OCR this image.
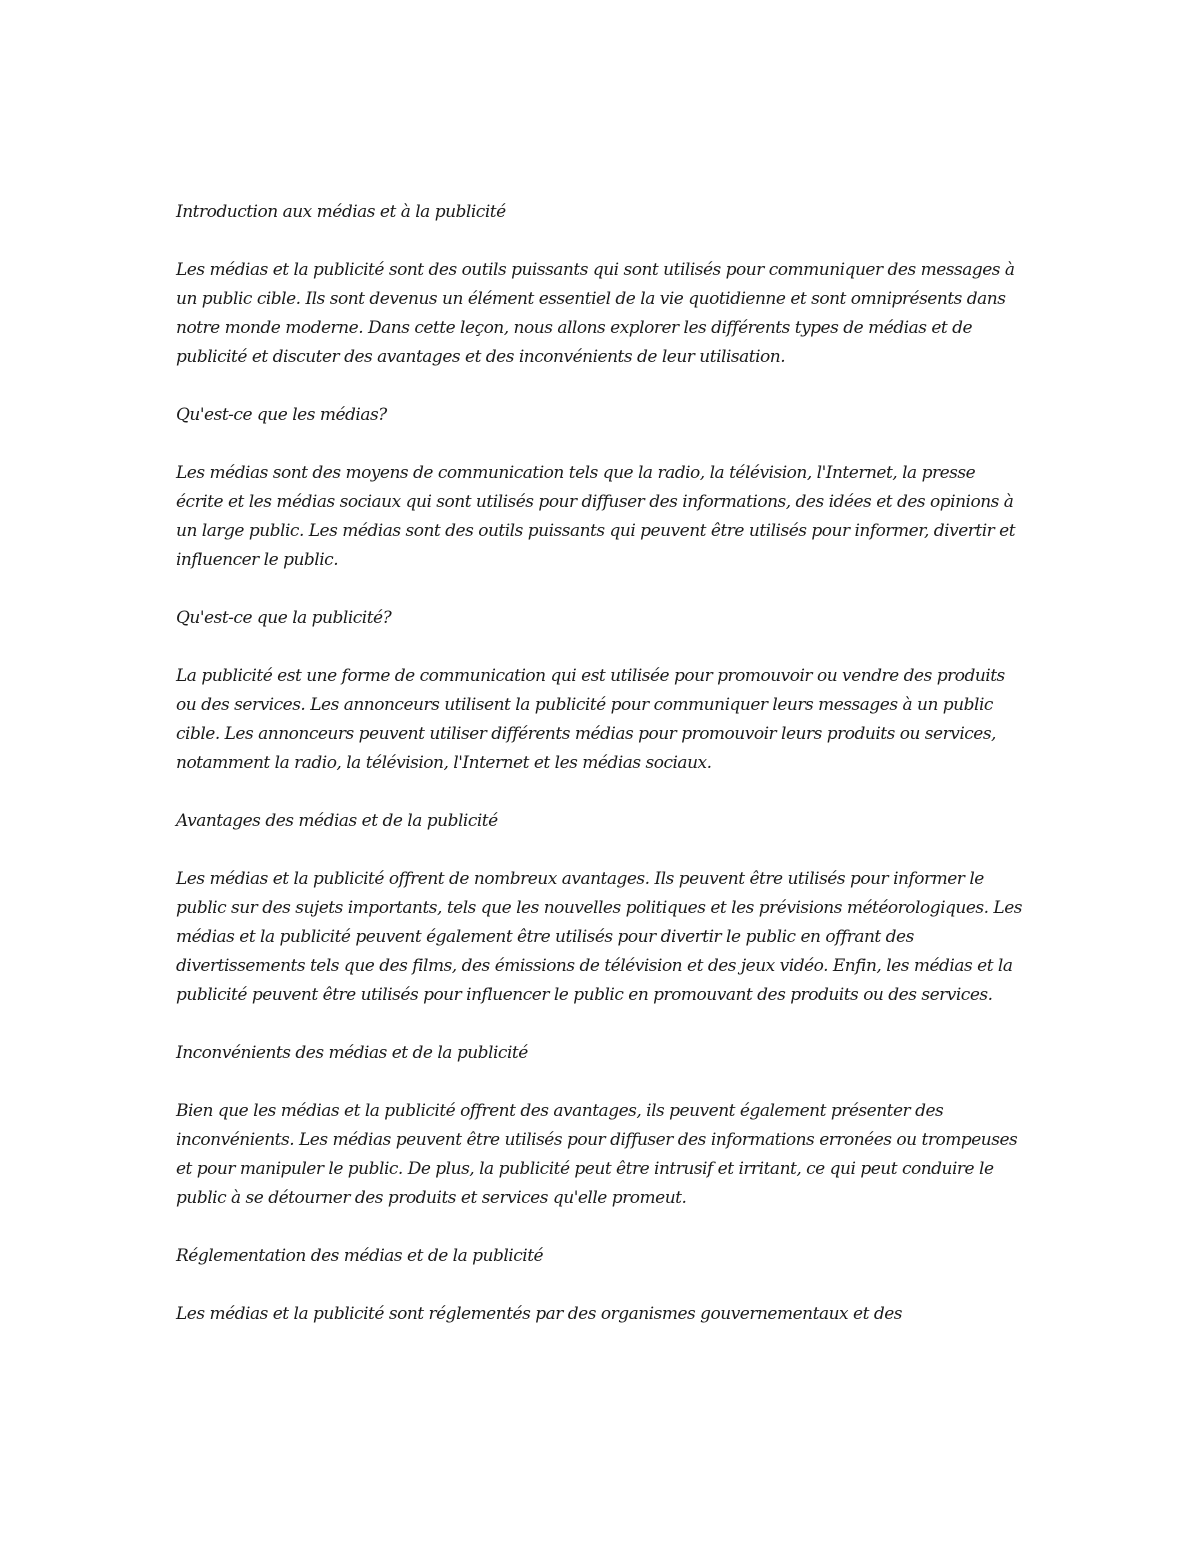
Introduction aux médias et à la publicité

Les médias et la publicité sont des outils puissants qui sont utilisés pour communiquer des messages à un public cible. Ils sont devenus un élément essentiel de la vie quotidienne et sont omniprésents dans notre monde moderne. Dans cette leçon, nous allons explorer les différents types de médias et de publicité et discuter des avantages et des inconvénients de leur utilisation.

Qu'est-ce que les médias?

Les médias sont des moyens de communication tels que la radio, la télévision, l'Internet, la presse écrite et les médias sociaux qui sont utilisés pour diffuser des informations, des idées et des opinions à un large public. Les médias sont des outils puissants qui peuvent être utilisés pour informer, divertir et influencer le public.

Qu'est-ce que la publicité?

La publicité est une forme de communication qui est utilisée pour promouvoir ou vendre des produits ou des services. Les annonceurs utilisent la publicité pour communiquer leurs messages à un public cible. Les annonceurs peuvent utiliser différents médias pour promouvoir leurs produits ou services, notamment la radio, la télévision, l'Internet et les médias sociaux.

Avantages des médias et de la publicité

Les médias et la publicité offrent de nombreux avantages. Ils peuvent être utilisés pour informer le public sur des sujets importants, tels que les nouvelles politiques et les prévisions météorologiques. Les médias et la publicité peuvent également être utilisés pour divertir le public en offrant des divertissements tels que des films, des émissions de télévision et des jeux vidéo. Enfin, les médias et la publicité peuvent être utilisés pour influencer le public en promouvant des produits ou des services.

Inconvénients des médias et de la publicité

Bien que les médias et la publicité offrent des avantages, ils peuvent également présenter des inconvénients. Les médias peuvent être utilisés pour diffuser des informations erronées ou trompeuses et pour manipuler le public. De plus, la publicité peut être intrusif et irritant, ce qui peut conduire le public à se détourner des produits et services qu'elle promeut.

Réglementation des médias et de la publicité

Les médias et la publicité sont réglementés par des organismes gouvernementaux et des
